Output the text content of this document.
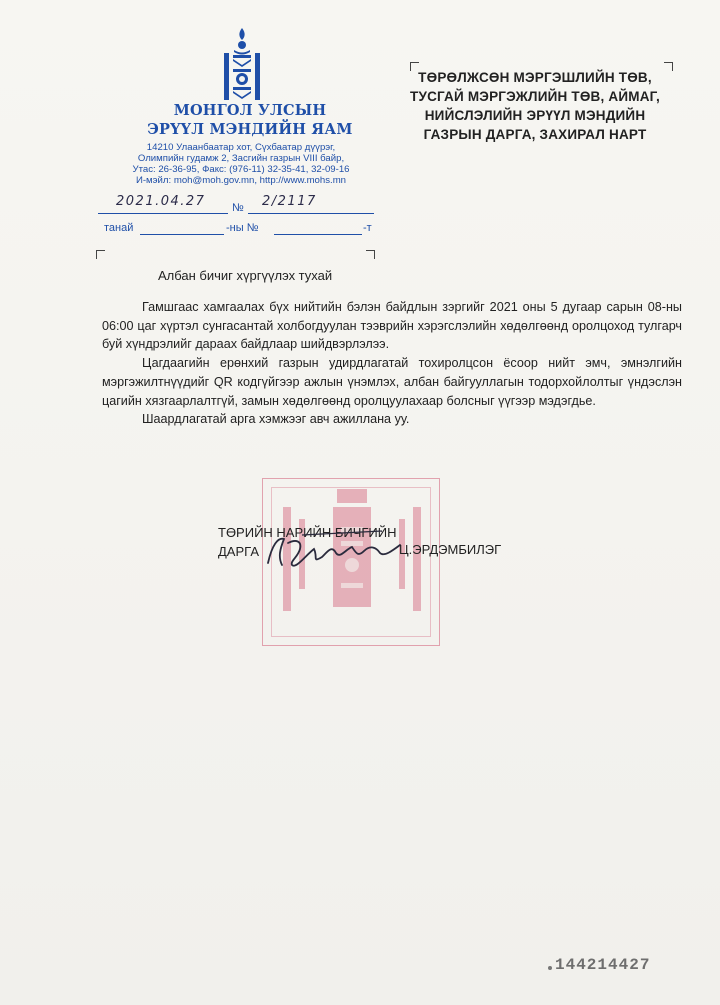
МОНГОЛ УЛСЫН
ЭРҮҮЛ МЭНДИЙН ЯАМ
14210 Улаанбаатар хот, Сүхбаатар дүүрэг,
Олимпийн гудамж 2, Засгийн газрын VIII байр,
Утас: 26-36-95, Факс: (976-11) 32-35-41, 32-09-16
И-мэйл: moh@moh.gov.mn, http://www.mohs.mn
2021.04.27 № 2/2117
танай	-ны №	-т
ТӨРӨЛЖСӨН МЭРГЭШЛИЙН ТӨВ,
ТУСГАЙ МЭРГЭЖЛИЙН ТӨВ, АЙМАГ,
НИЙСЛЭЛИЙН ЭРҮҮЛ МЭНДИЙН
ГАЗРЫН ДАРГА, ЗАХИРАЛ НАРТ
Албан бичиг хүргүүлэх тухай

Гамшгаас хамгаалах бүх нийтийн бэлэн байдлын зэргийг 2021 оны 5 дугаар сарын 08-ны 06:00 цаг хүртэл сунгасантай холбогдуулан тээврийн хэрэгслэлийн хөдөлгөөнд оролцоход тулгарч буй хүндрэлийг дараах байдлаар шийдвэрлэлээ.

Цагдаагийн ерөнхий газрын удирдлагатай тохиролцсон ёсоор нийт эмч, эмнэлгийн мэргэжилтнүүдийг QR кодгүйгээр ажлын үнэмлэх, албан байгууллагын тодорхойлолтыг үндэслэн цагийн хязгаарлалтгүй, замын хөдөлгөөнд оролцуулахаар болсныг үүгээр мэдэгдье.

Шаардлагатай арга хэмжээг авч ажиллана уу.

ТӨРИЙН НАРИЙН БИЧГИЙН
ДАРГА	Ц.ЭРДЭМБИЛЭГ
144214427
